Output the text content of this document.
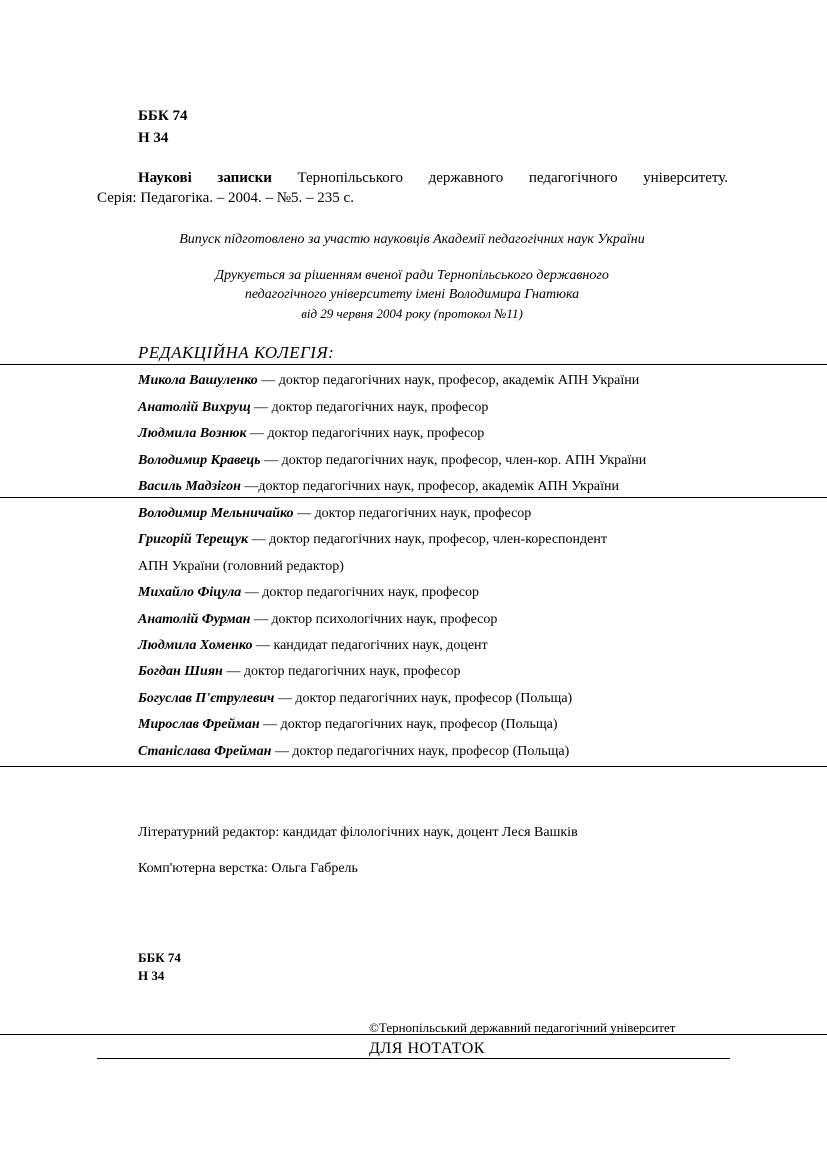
ББК 74
Н 34
Наукові записки Тернопільського державного педагогічного університету.
Серія: Педагогіка. – 2004. – №5. – 235 с.
Випуск підготовлено за участю науковців Академії педагогічних наук України
Друкується за рішенням вченої ради Тернопільського державного
педагогічного університету імені Володимира Гнатюка
від 29 червня 2004 року (протокол №11)
РЕДАКЦІЙНА КОЛЕГІЯ:
Микола Вашуленко — доктор педагогічних наук, професор, академік АПН України
Анатолій Вихрущ — доктор педагогічних наук, професор
Людмила Вознюк — доктор педагогічних наук, професор
Володимир Кравець — доктор педагогічних наук, професор, член-кор. АПН України
Василь Мадзігон —доктор педагогічних наук, професор, академік АПН України
Володимир Мельничайко — доктор педагогічних наук, професор
Григорій Терещук — доктор педагогічних наук, професор, член-кореспондент
АПН України (головний редактор)
Михайло Фіцула — доктор педагогічних наук, професор
Анатолій Фурман — доктор психологічних наук, професор
Людмила Хоменко — кандидат педагогічних наук, доцент
Богдан Шиян — доктор педагогічних наук, професор
Богуслав П'єтрулевич — доктор педагогічних наук, професор (Польща)
Мирослав Фрейман — доктор педагогічних наук, професор (Польща)
Станіслава Фрейман — доктор педагогічних наук, професор (Польща)
Літературний редактор: кандидат філологічних наук, доцент Леся Вашків
Комп'ютерна верстка: Ольга Габрель
ББК 74
Н 34
©Тернопільський державний педагогічний університет
ДЛЯ НОТАТОК
